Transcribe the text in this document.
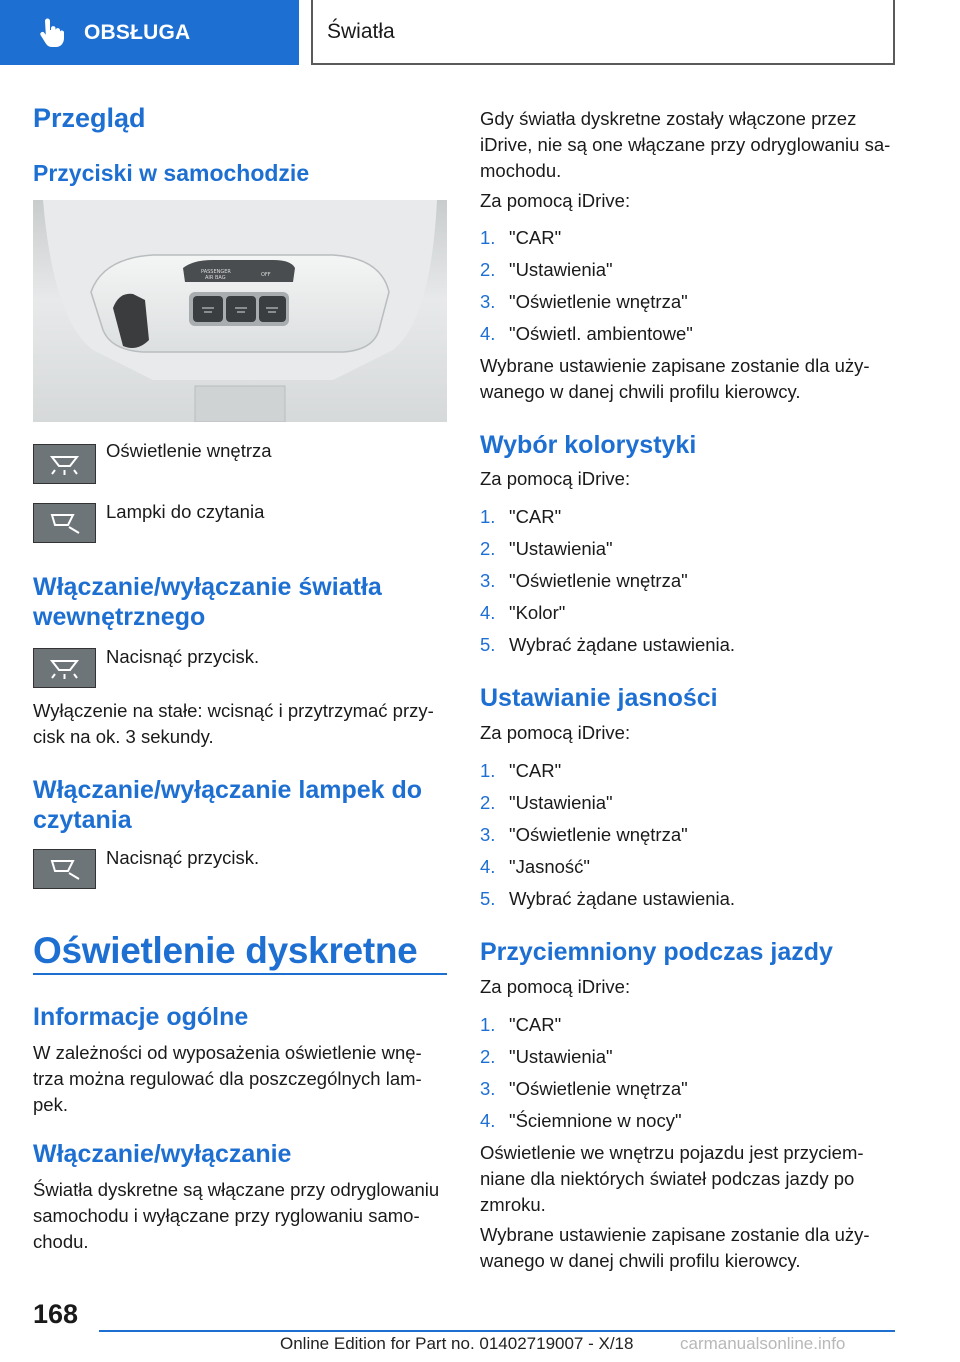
OBSŁUGA	Światła
Przegląd
Przyciski w samochodzie
PASSENGER
AIR BAG	OFF
Oświetlenie wnętrza
Lampki do czytania
Włączanie/wyłączanie światła
wewnętrznego
Nacisnąć przycisk.
Wyłączenie na stałe: wcisnąć i przytrzymać przy-
cisk na ok. 3 sekundy.
Włączanie/wyłączanie lampek do
czytania
Nacisnąć przycisk.
Oświetlenie dyskretne
Informacje ogólne
W zależności od wyposażenia oświetlenie wnę-
trza można regulować dla poszczególnych lam-
pek.
Włączanie/wyłączanie
Światła dyskretne są włączane przy odryglowaniu
samochodu i wyłączane przy ryglowaniu samo-
chodu.
Gdy światła dyskretne zostały włączone przez
iDrive, nie są one włączane przy odryglowaniu sa-
mochodu.
Za pomocą iDrive:
1. "CAR"
2. "Ustawienia"
3. "Oświetlenie wnętrza"
4. "Oświetl. ambientowe"
Wybrane ustawienie zapisane zostanie dla uży-
wanego w danej chwili profilu kierowcy.
Wybór kolorystyki
Za pomocą iDrive:
1. "CAR"
2. "Ustawienia"
3. "Oświetlenie wnętrza"
4. "Kolor"
5. Wybrać żądane ustawienia.
Ustawianie jasności
Za pomocą iDrive:
1. "CAR"
2. "Ustawienia"
3. "Oświetlenie wnętrza"
4. "Jasność"
5. Wybrać żądane ustawienia.
Przyciemniony podczas jazdy
Za pomocą iDrive:
1. "CAR"
2. "Ustawienia"
3. "Oświetlenie wnętrza"
4. "Ściemnione w nocy"
Oświetlenie we wnętrzu pojazdu jest przyciem-
niane dla niektórych świateł podczas jazdy po
zmroku.
Wybrane ustawienie zapisane zostanie dla uży-
wanego w danej chwili profilu kierowcy.
168
Online Edition for Part no. 01402719007 - X/18	carmanualsonline.info
